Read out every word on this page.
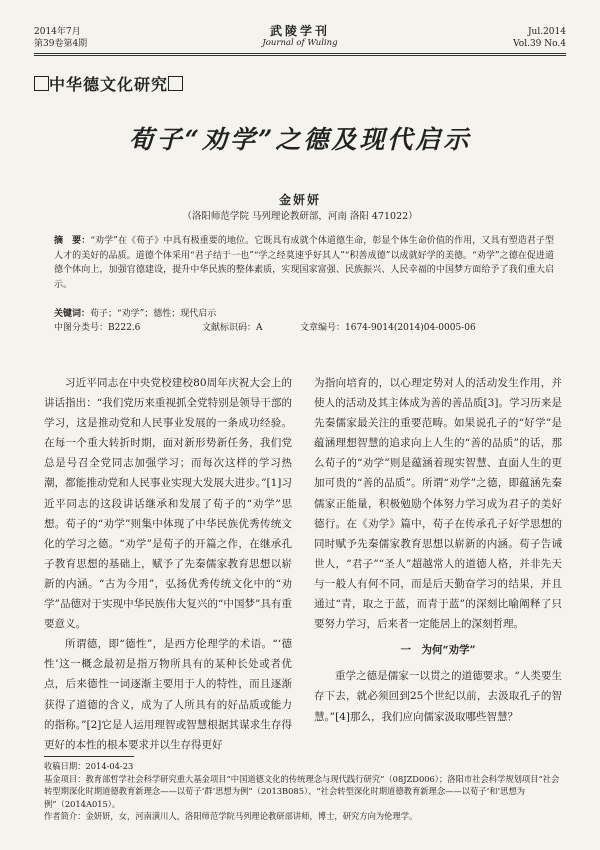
2014年7月
第39卷第4期
武陵学刊
Journal of Wuling
Jul.2014
Vol.39 No.4
中华德文化研究
荀子“劝学”之德及现代启示
金妍妍
（洛阳师范学院 马列理论教研部，河南 洛阳 471022）
摘　要：“劝学”在《荀子》中具有极重要的地位。它既具有成就个体道德生命，彰显个体生命价值的作用，又具有塑造君子型人才的美好的品质。道德个体采用“君子结于一也”“学之经莫速乎好其人”“积善成德”以成就好学的美德。“劝学”之德在促进道德个体向上，加强官德建设，提升中华民族的整体素质，实现国家富强、民族振兴、人民幸福的中国梦方面给予了我们重大启示。
关键词：荀子；“劝学”；德性；现代启示
中图分类号：B222.6	文献标识码：A	文章编号：1674-9014(2014)04-0005-06

习近平同志在中央党校建校80周年庆祝大会上的讲话指出：“我们党历来重视抓全党特别是领导干部的学习，这是推动党和人民事业发展的一条成功经验。在每一个重大转折时期，面对新形势新任务，我们党总是号召全党同志加强学习；而每次这样的学习热潮，都能推动党和人民事业实现大发展大进步。”[1]习近平同志的这段讲话继承和发展了荀子的“劝学”思想。荀子的“劝学”则集中体现了中华民族优秀传统文化的学习之德。“劝学”是荀子的开篇之作，在继承孔子教育思想的基础上，赋予了先秦儒家教育思想以崭新的内涵。“古为今用”，弘扬优秀传统文化中的“劝学”品德对于实现中华民族伟大复兴的“中国梦”具有重要意义。

所谓德，即“德性”，是西方伦理学的术语。“‘德性’这一概念最初是指万物所具有的某种长处或者优点，后来德性一词逐渐主要用于人的特性，而且逐渐获得了道德的含义，成为了人所具有的好品质或能力的指称。”[2]它是人运用理智或智慧根据其谋求生存得更好的本性的根本要求并以生存得更好

为指向培育的，以心理定势对人的活动发生作用，并使人的活动及其主体成为善的善品质[3]。学习历来是先秦儒家最关注的重要范畴。如果说孔子的“好学”是蕴涵理想智慧的追求向上人生的“善的品质”的话，那么荀子的“劝学”则是蕴涵着现实智慧、直面人生的更加可贵的“善的品质”。所谓“劝学”之德，即蕴涵先秦儒家正能量，积极勉励个体努力学习成为君子的美好德行。在《劝学》篇中，荀子在传承孔子好学思想的同时赋予先秦儒家教育思想以崭新的内涵。荀子告诫世人，“君子”“圣人”超越常人的道德人格，并非先天与一般人有何不同，而是后天勤奋学习的结果，并且通过“青，取之于蓝，而青于蓝”的深刻比喻阐释了只要努力学习，后来者一定能居上的深刻哲理。

一　为何“劝学”

重学之德是儒家一以贯之的道德要求。“人类要生存下去，就必须回到25个世纪以前，去汲取孔子的智慧。”[4]那么，我们应向儒家汲取哪些智慧？

收稿日期：2014-04-23
基金项目：教育部哲学社会科学研究重大基金项目“中国道德文化的传统理念与现代践行研究”（08JZD006）；洛阳市社会科学规划项目“社会转型期深化时期道德教育新理念——以荀子‘群’思想为例”（2013B085）、“社会转型深化时期道德教育新理念——以荀子‘和’思想为例”（2014A015）。
作者简介：金妍妍，女，河南潢川人，洛阳师范学院马列理论教研部讲师，博士，研究方向为伦理学。
